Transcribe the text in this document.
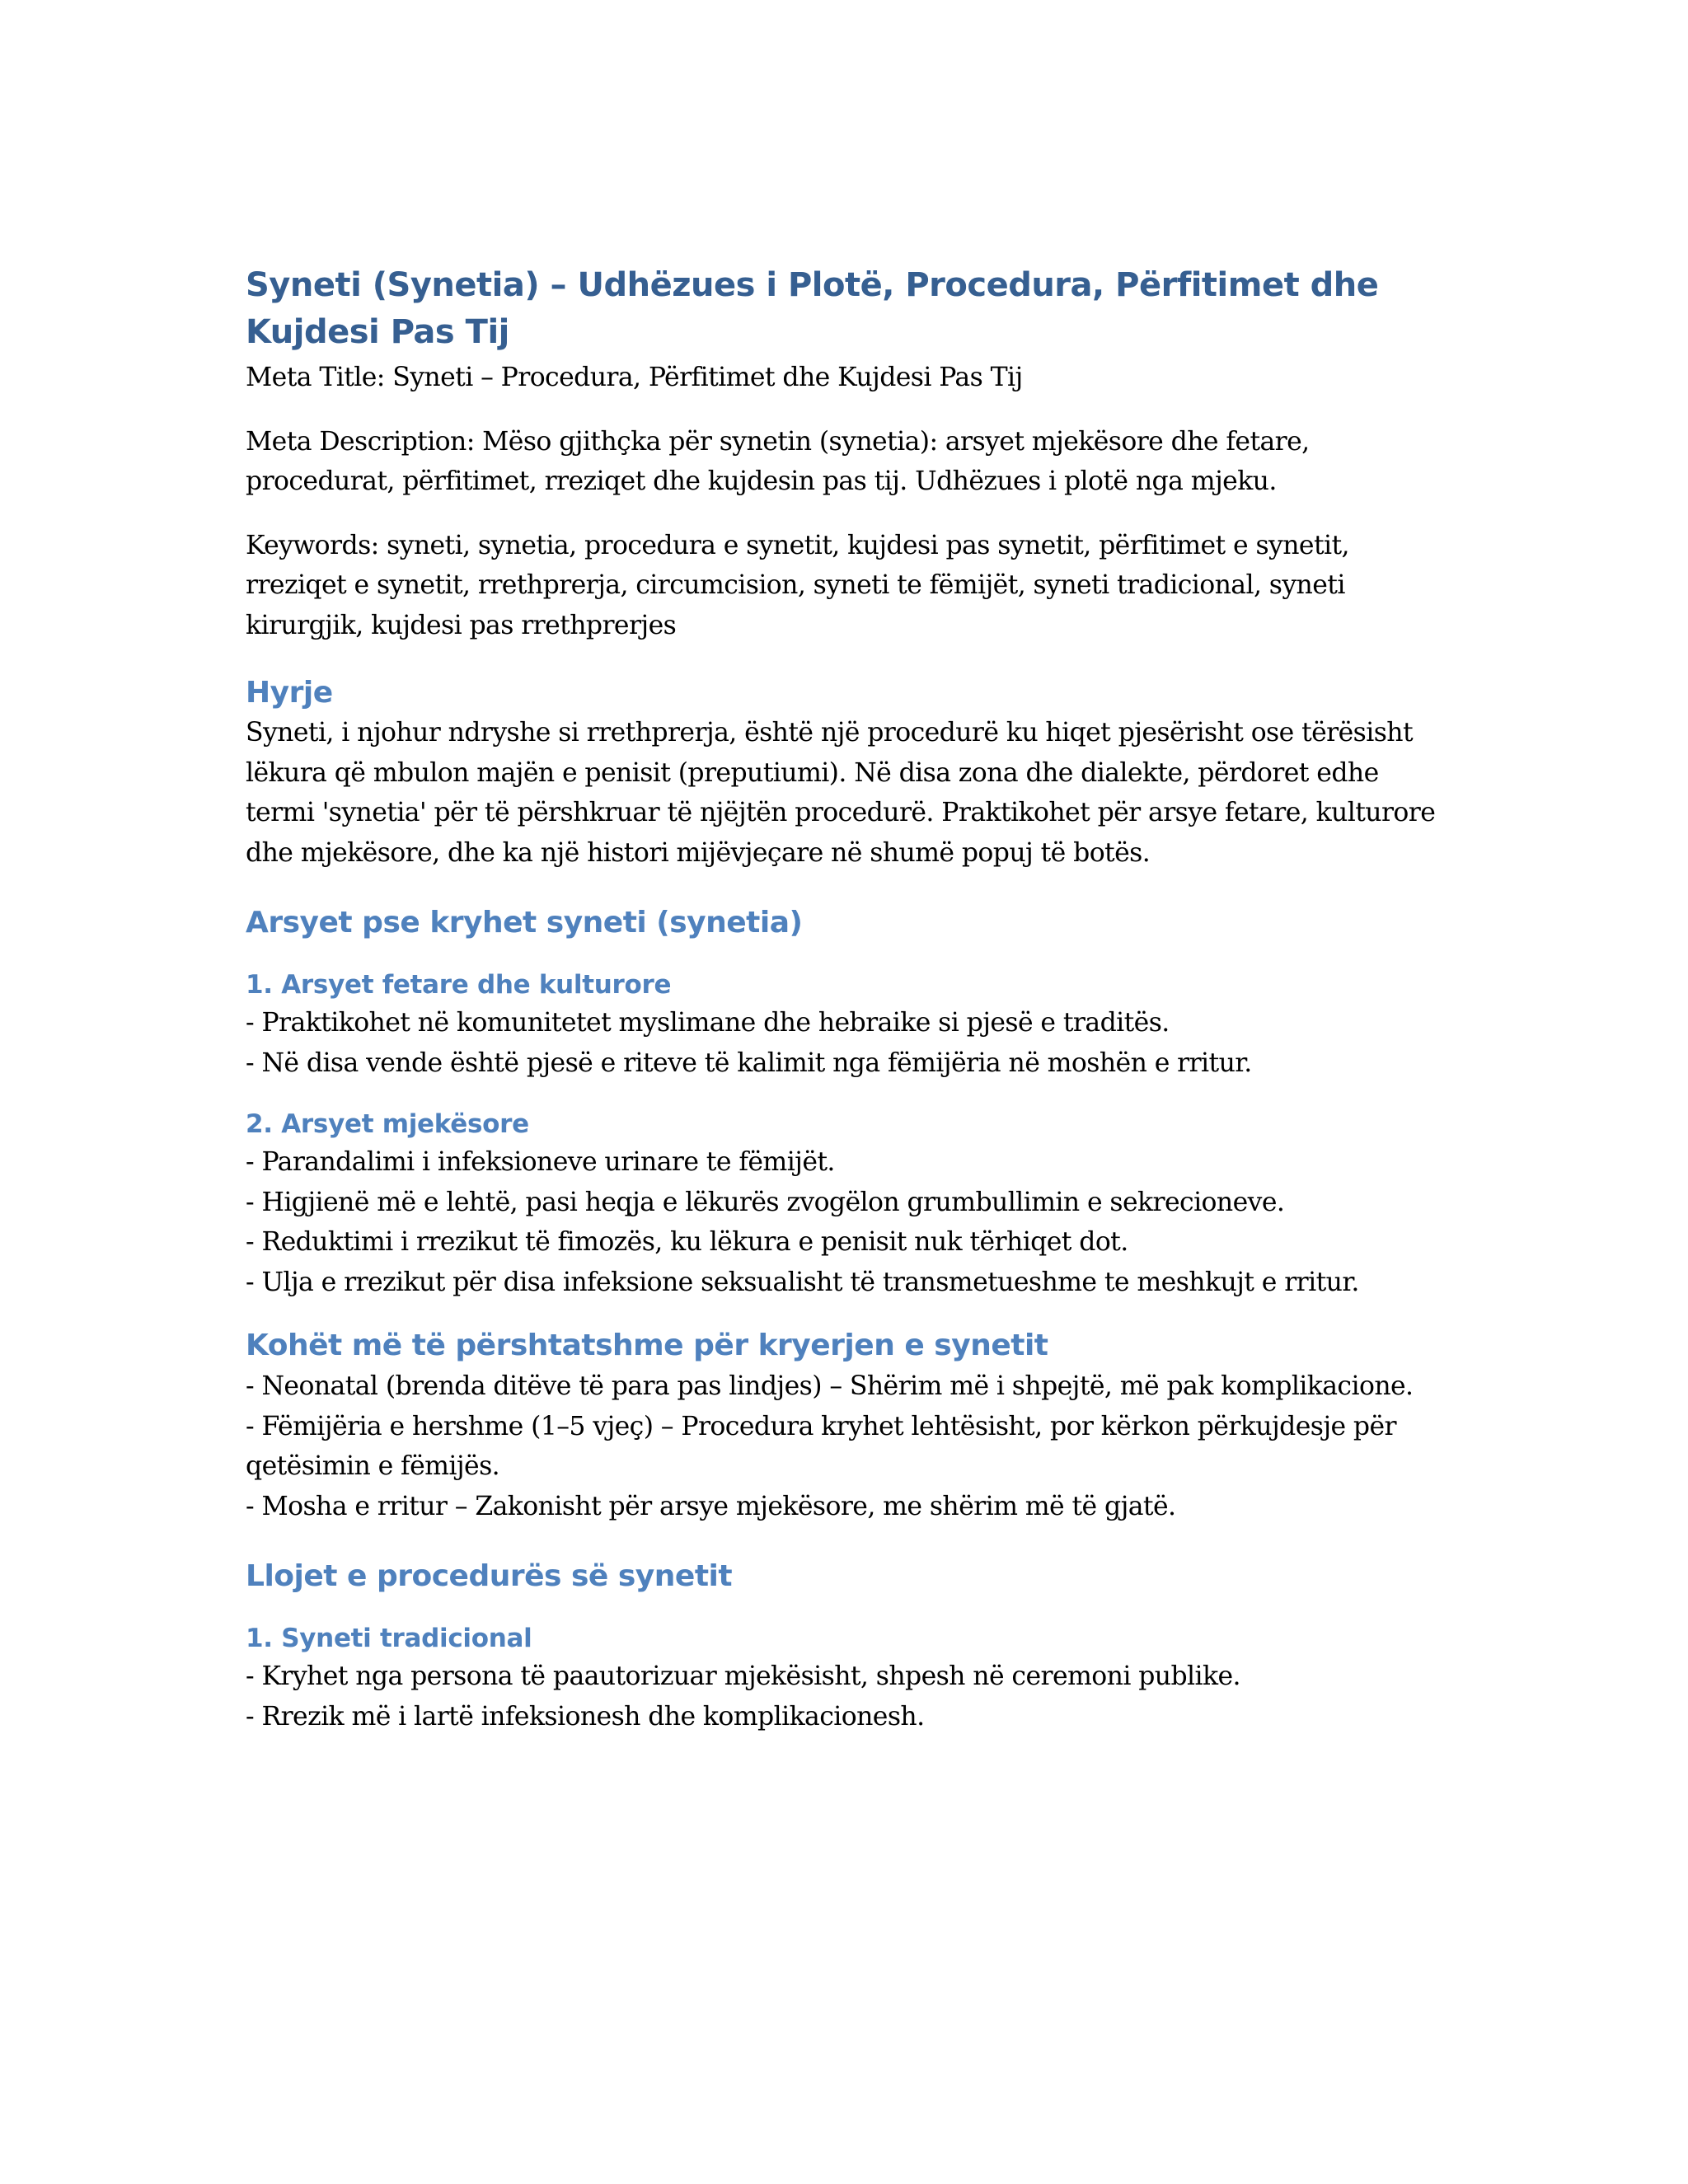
Syneti (Synetia) – Udhëzues i Plotë, Procedura, Përfitimet dhe Kujdesi Pas Tij

Meta Title: Syneti – Procedura, Përfitimet dhe Kujdesi Pas Tij

Meta Description: Mëso gjithçka për synetin (synetia): arsyet mjekësore dhe fetare, procedurat, përfitimet, rreziqet dhe kujdesin pas tij. Udhëzues i plotë nga mjeku.

Keywords: syneti, synetia, procedura e synetit, kujdesi pas synetit, përfitimet e synetit, rreziqet e synetit, rrethprerja, circumcision, syneti te fëmijët, syneti tradicional, syneti kirurgjik, kujdesi pas rrethprerjes

Hyrje

Syneti, i njohur ndryshe si rrethprerja, është një procedurë ku hiqet pjesërisht ose tërësisht lëkura që mbulon majën e penisit (preputiumi). Në disa zona dhe dialekte, përdoret edhe termi 'synetia' për të përshkruar të njëjtën procedurë. Praktikohet për arsye fetare, kulturore dhe mjekësore, dhe ka një histori mijëvjeçare në shumë popuj të botës.

Arsyet pse kryhet syneti (synetia)
1. Arsyet fetare dhe kulturore

- Praktikohet në komunitetet myslimane dhe hebraike si pjesë e traditës.
- Në disa vende është pjesë e riteve të kalimit nga fëmijëria në moshën e rritur.

2. Arsyet mjekësore

- Parandalimi i infeksioneve urinare te fëmijët.
- Higjienë më e lehtë, pasi heqja e lëkurës zvogëlon grumbullimin e sekrecioneve.
- Reduktimi i rrezikut të fimozës, ku lëkura e penisit nuk tërhiqet dot.
- Ulja e rrezikut për disa infeksione seksualisht të transmetueshme te meshkujt e rritur.

Kohët më të përshtatshme për kryerjen e synetit

- Neonatal (brenda ditëve të para pas lindjes) – Shërim më i shpejtë, më pak komplikacione.
- Fëmijëria e hershme (1–5 vjeç) – Procedura kryhet lehtësisht, por kërkon përkujdesje për qetësimin e fëmijës.
- Mosha e rritur – Zakonisht për arsye mjekësore, me shërim më të gjatë.

Llojet e procedurës së synetit
1. Syneti tradicional

- Kryhet nga persona të paautorizuar mjekësisht, shpesh në ceremoni publike.
- Rrezik më i lartë infeksionesh dhe komplikacionesh.
